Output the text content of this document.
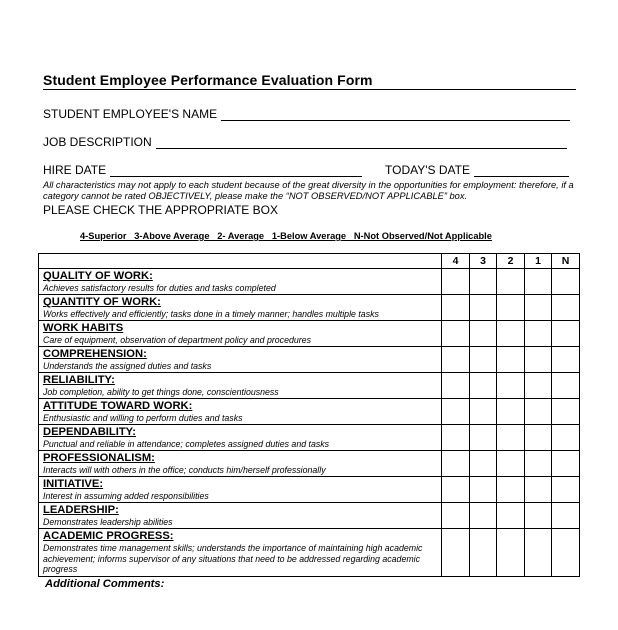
Student Employee Performance Evaluation Form
STUDENT EMPLOYEE'S NAME
JOB DESCRIPTION
HIRE DATE	TODAY'S DATE
All characteristics may not apply to each student because of the great diversity in the opportunities for employment: therefore, if a category cannot be rated OBJECTIVELY, please make the “NOT OBSERVED/NOT APPLICABLE” box.
PLEASE CHECK THE APPROPRIATE BOX
4-Superior   3-Above Average   2- Average   1-Below Average   N-Not Observed/Not Applicable
	4	3	2	1	N

QUALITY OF WORK:
Achieves satisfactory results for duties and tasks completed					

QUANTITY OF WORK:
Works effectively and efficiently; tasks done in a timely manner; handles multiple tasks					

WORK HABITS
Care of equipment, observation of department policy and procedures					

COMPREHENSION:
Understands the assigned duties and tasks					

RELIABILITY:
Job completion, ability to get things done, conscientiousness					

ATTITUDE TOWARD WORK:
Enthusiastic and willing to perform duties and tasks					

DEPENDABILITY:
Punctual and reliable in attendance; completes assigned duties and tasks					

PROFESSIONALISM:
Interacts will with others in the office; conducts him/herself professionally					

INITIATIVE:
Interest in assuming added responsibilities					

LEADERSHIP:
Demonstrates leadership abilities					

ACADEMIC PROGRESS:
Demonstrates time management skills; understands the importance of maintaining high academic achievement; informs supervisor of any situations that need to be addressed regarding academic progress					

Additional Comments:
